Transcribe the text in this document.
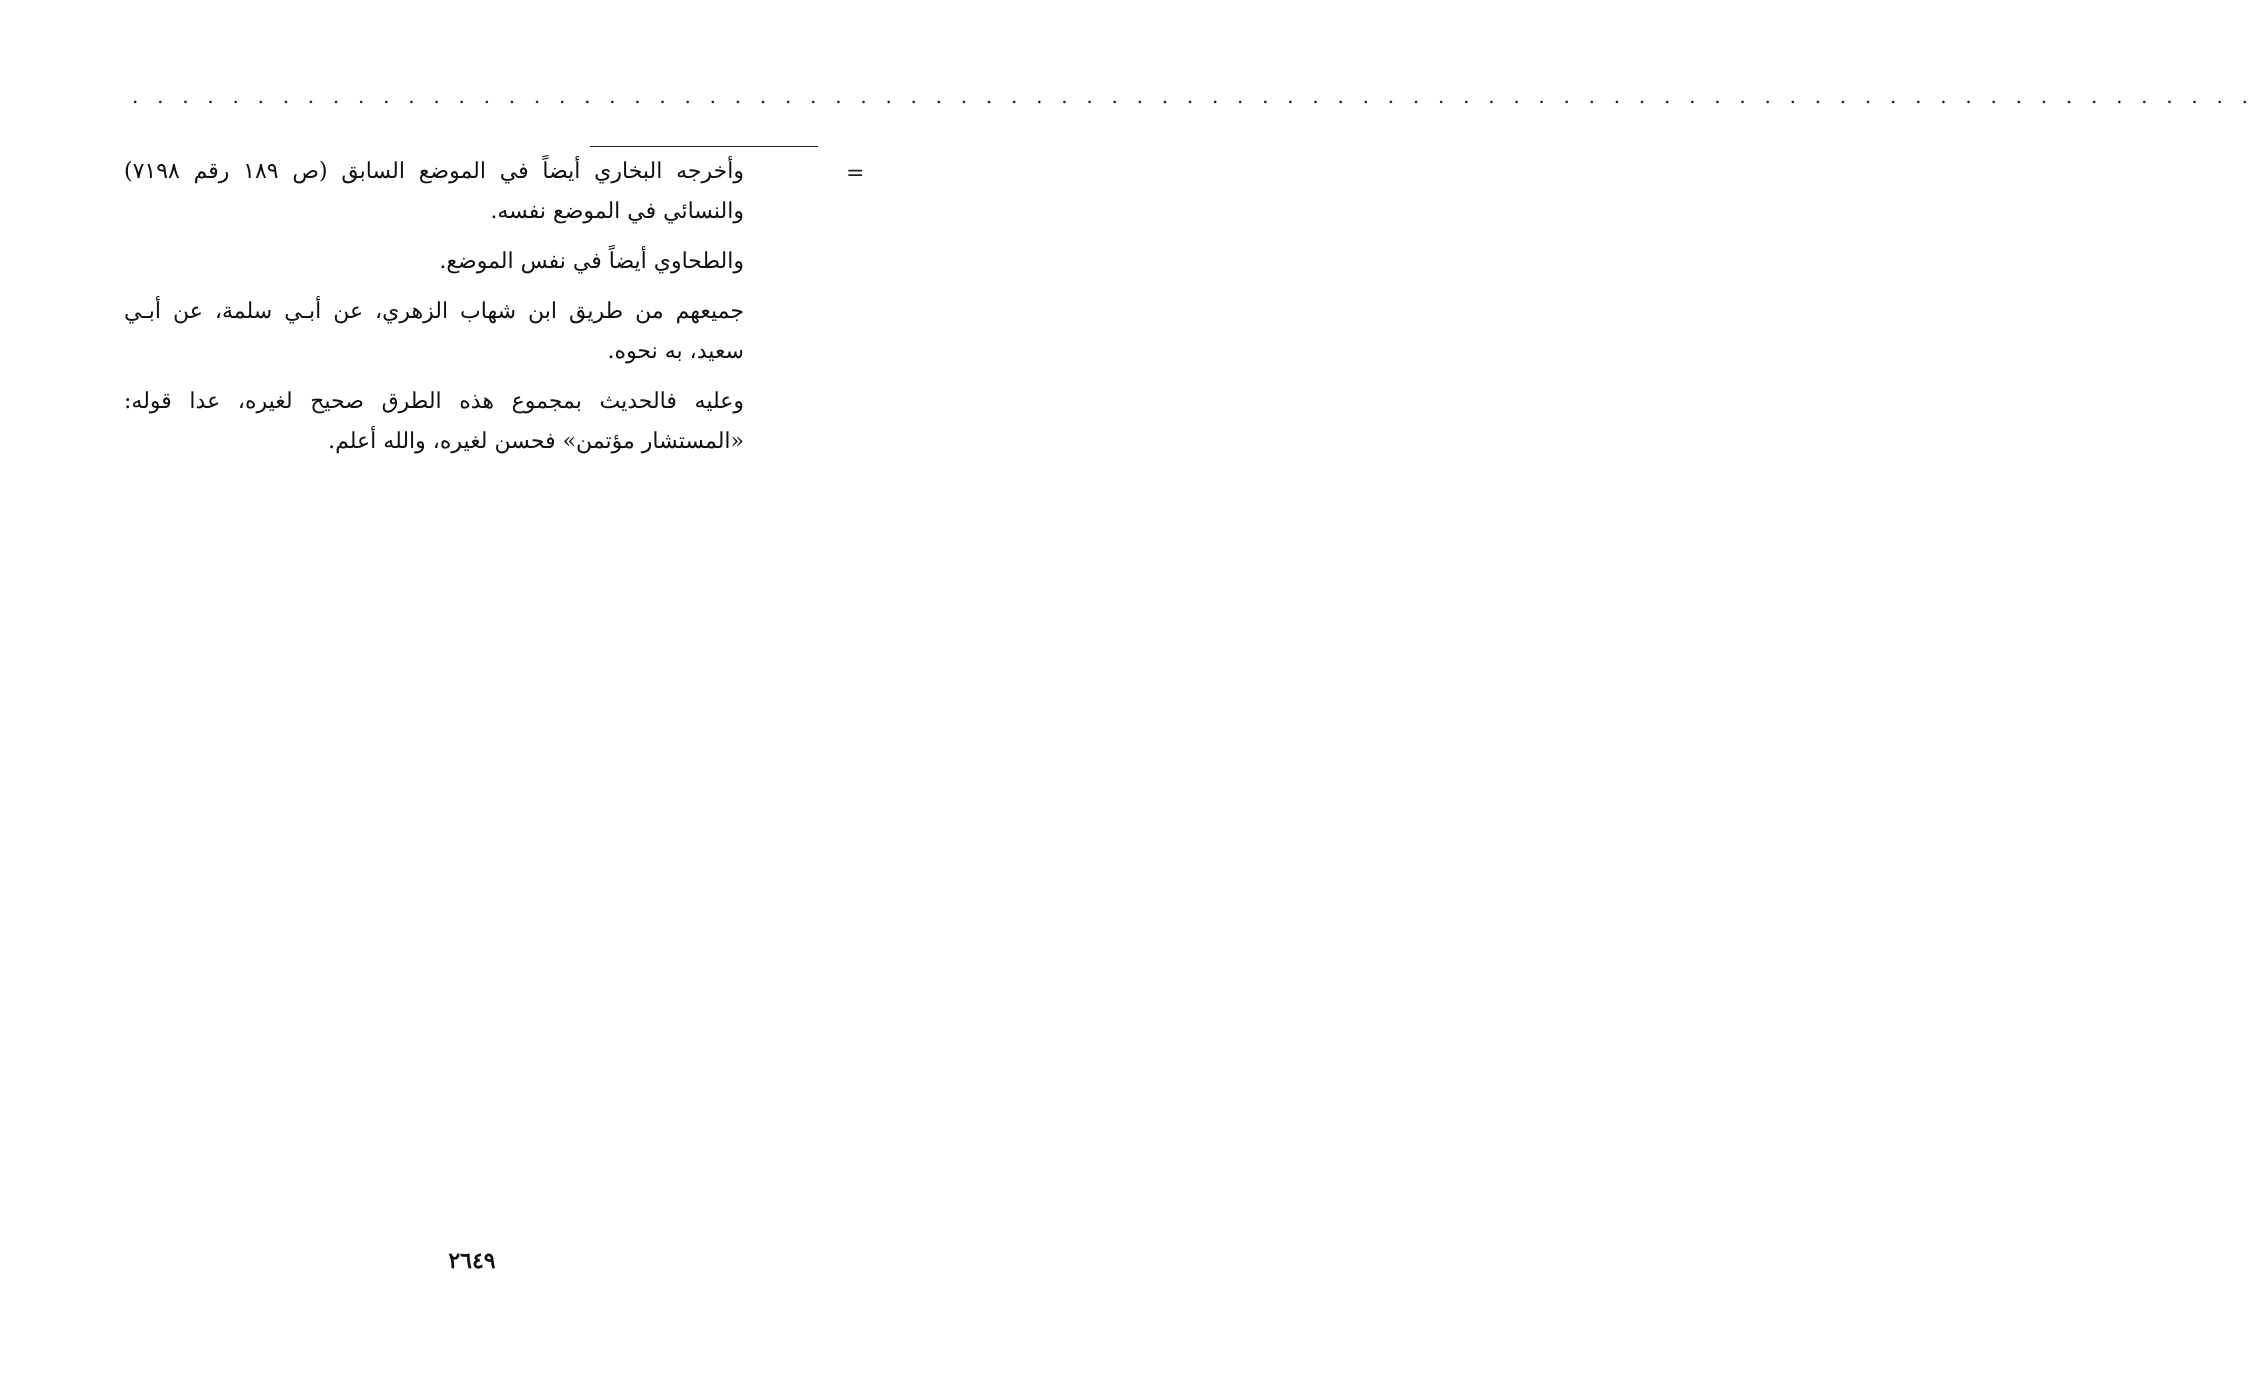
. . . . . . . . . . . . . . . . . . . . . . . . . . . . . . . . . . . . . . . . . . . . . . . . . . . . . . . . . . . . . . . . . . . . . . . . . . . . . . . . . . . . .
=

وأخرجه البخاري أيضاً في الموضع السابق (ص ١٨٩ رقم ٧١٩٨) والنسائي في الموضع نفسه.

والطحاوي أيضاً في نفس الموضع.

جميعهم من طريق ابن شهاب الزهري، عن أبـي سلمة، عن أبـي سعيد، به نحوه.

وعليه فالحديث بمجموع هذه الطرق صحيح لغيره، عدا قوله: «المستشار مؤتمن» فحسن لغيره، والله أعلم.

٢٦٤٩
